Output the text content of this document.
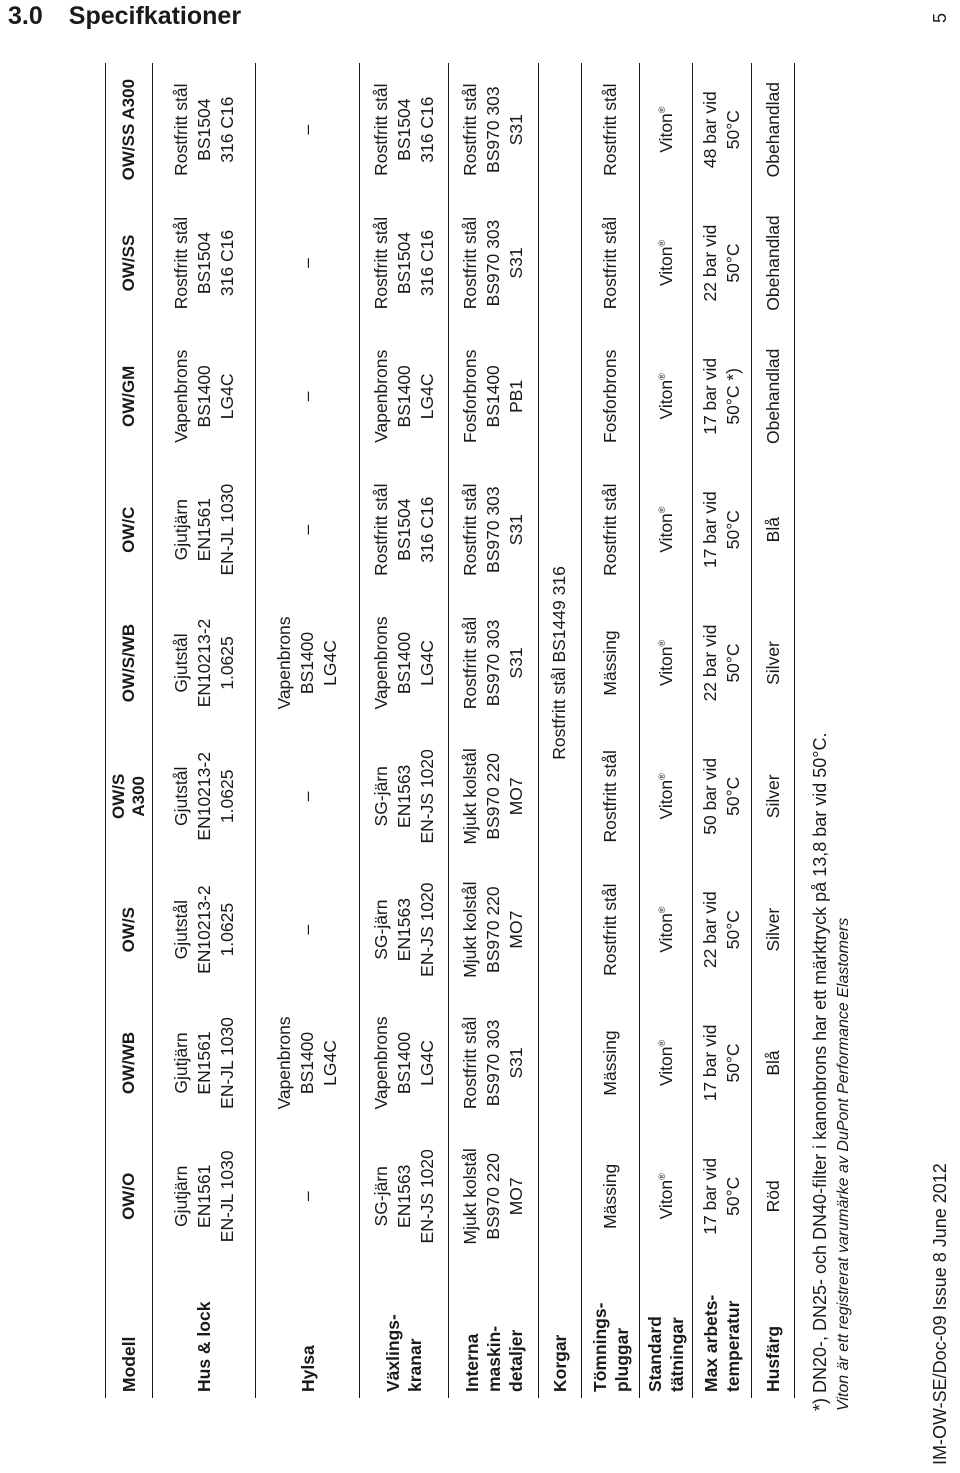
3.0 Specifkationer
Modell	OW/O	OW/WB	OW/S	OW/S A300	OW/S/WB	OW/C	OW/GM	OW/SS	OW/SS A300

Hus & lock	Gjutjärn EN1561 EN-JL 1030	Gjutjärn EN1561 EN-JL 1030	Gjutstål EN10213-2 1.0625	Gjutstål EN10213-2 1.0625	Gjutstål EN10213-2 1.0625	Gjutjärn EN1561 EN-JL 1030	Vapenbrons BS1400 LG4C	Rostfritt stål BS1504 316 C16	Rostfritt stål BS1504 316 C16

Hylsa	–	Vapenbrons BS1400 LG4C	–	–	Vapenbrons BS1400 LG4C	–	–	–	–

Växlings-kranar	SG-järn EN1563 EN-JS 1020	Vapenbrons BS1400 LG4C	SG-järn EN1563 EN-JS 1020	SG-järn EN1563 EN-JS 1020	Vapenbrons BS1400 LG4C	Rostfritt stål BS1504 316 C16	Vapenbrons BS1400 LG4C	Rostfritt stål BS1504 316 C16	Rostfritt stål BS1504 316 C16

Interna maskin-detaljer	Mjukt kolstål BS970 220 MO7	Rostfritt stål BS970 303 S31	Mjukt kolstål BS970 220 MO7	Mjukt kolstål BS970 220 MO7	Rostfritt stål BS970 303 S31	Rostfritt stål BS970 303 S31	Fosforbrons BS1400 PB1	Rostfritt stål BS970 303 S31	Rostfritt stål BS970 303 S31

Korgar	Rostfritt stål BS1449 316								
Tömnings-pluggar	Mässing	Mässing	Rostfritt stål	Rostfritt stål	Mässing	Rostfritt stål	Fosforbrons	Rostfritt stål	Rostfritt stål

Standard tätningar	Viton®	Viton®	Viton®	Viton®	Viton®	Viton®	Viton®	Viton®	Viton®
Max arbets-temperatur	17 bar vid 50°C	17 bar vid 50°C	22 bar vid 50°C	50 bar vid 50°C	22 bar vid 50°C	17 bar vid 50°C	17 bar vid 50°C *)	22 bar vid 50°C	48 bar vid 50°C

Husfärg	Röd	Blå	Silver	Silver	Silver	Blå	Obehandlad	Obehandlad	Obehandlad

*) DN20-, DN25- och DN40-filter i kanonbrons har ett märktryck på 13,8 bar vid 50°C. Viton är ett registrerat varumärke av DuPont Performance Elastomers	IM-OW-SE/Doc-09 Issue 8 June 2012

5
